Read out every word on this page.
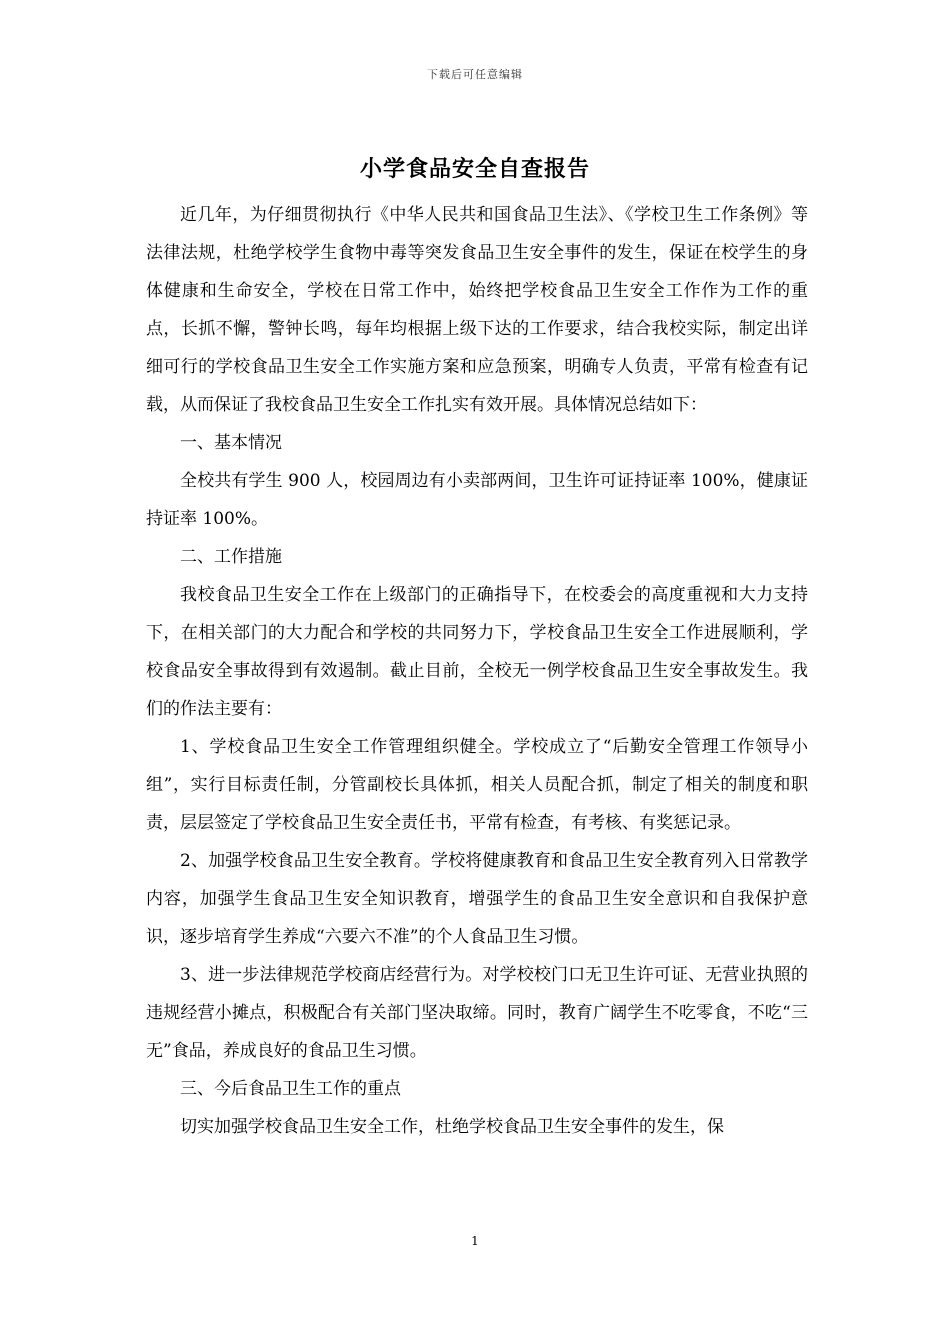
下载后可任意编辑
小学食品安全自查报告

近几年，为仔细贯彻执行《中华人民共和国食品卫生法》、《学校卫生工作条例》等法律法规，杜绝学校学生食物中毒等突发食品卫生安全事件的发生，保证在校学生的身体健康和生命安全，学校在日常工作中，始终把学校食品卫生安全工作作为工作的重点，长抓不懈，警钟长鸣，每年均根据上级下达的工作要求，结合我校实际，制定出详细可行的学校食品卫生安全工作实施方案和应急预案，明确专人负责，平常有检查有记载，从而保证了我校食品卫生安全工作扎实有效开展。具体情况总结如下：

一、基本情况

全校共有学生 900 人，校园周边有小卖部两间，卫生许可证持证率 100%，健康证持证率 100%。

二、工作措施

我校食品卫生安全工作在上级部门的正确指导下，在校委会的高度重视和大力支持下，在相关部门的大力配合和学校的共同努力下，学校食品卫生安全工作进展顺利，学校食品安全事故得到有效遏制。截止目前，全校无一例学校食品卫生安全事故发生。我们的作法主要有：

1、学校食品卫生安全工作管理组织健全。学校成立了“后勤安全管理工作领导小组”，实行目标责任制，分管副校长具体抓，相关人员配合抓，制定了相关的制度和职责，层层签定了学校食品卫生安全责任书，平常有检查，有考核、有奖惩记录。

2、加强学校食品卫生安全教育。学校将健康教育和食品卫生安全教育列入日常教学内容，加强学生食品卫生安全知识教育，增强学生的食品卫生安全意识和自我保护意识，逐步培育学生养成“六要六不准”的个人食品卫生习惯。

3、进一步法律规范学校商店经营行为。对学校校门口无卫生许可证、无营业执照的违规经营小摊点，积极配合有关部门坚决取缔。同时，教育广阔学生不吃零食，不吃“三无”食品，养成良好的食品卫生习惯。

三、今后食品卫生工作的重点

切实加强学校食品卫生安全工作，杜绝学校食品卫生安全事件的发生，保

1
